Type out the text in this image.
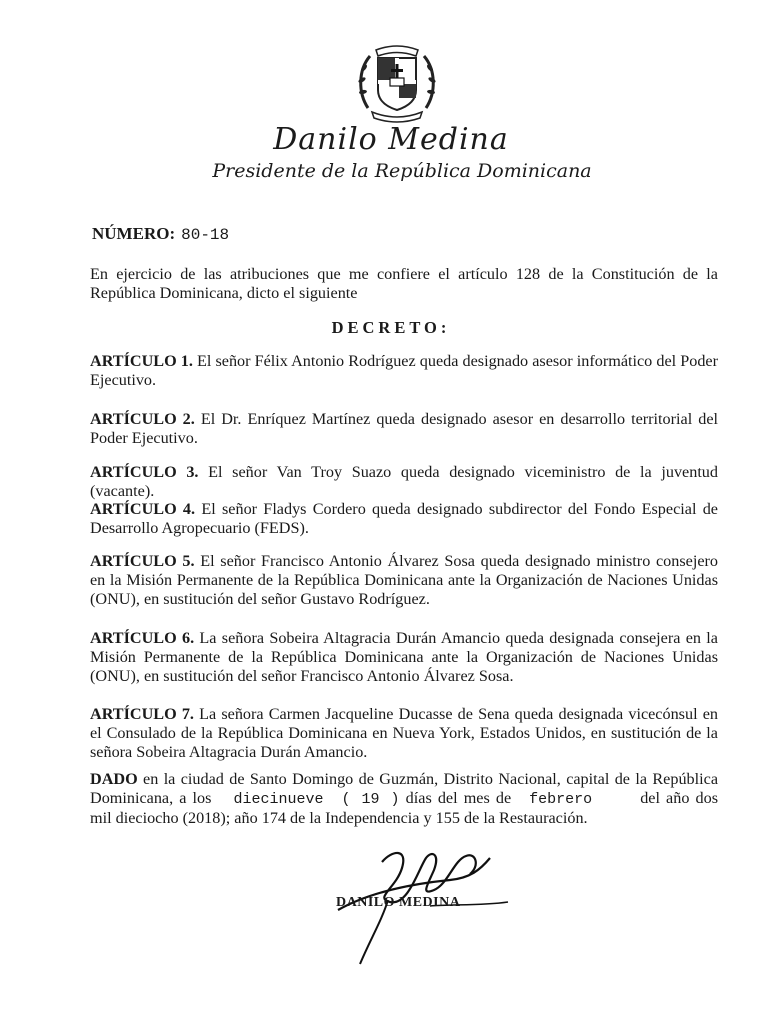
Danilo Medina
Presidente de la República Dominicana
NÚMERO: 80-18
En ejercicio de las atribuciones que me confiere el artículo 128 de la Constitución de la República Dominicana, dicto el siguiente
DECRETO:
ARTÍCULO 1. El señor Félix Antonio Rodríguez queda designado asesor informático del Poder Ejecutivo.
ARTÍCULO 2. El Dr. Enríquez Martínez queda designado asesor en desarrollo territorial del Poder Ejecutivo.
ARTÍCULO 3. El señor Van Troy Suazo queda designado viceministro de la juventud (vacante).
ARTÍCULO 4. El señor Fladys Cordero queda designado subdirector del Fondo Especial de Desarrollo Agropecuario (FEDS).
ARTÍCULO 5. El señor Francisco Antonio Álvarez Sosa queda designado ministro consejero en la Misión Permanente de la República Dominicana ante la Organización de Naciones Unidas (ONU), en sustitución del señor Gustavo Rodríguez.
ARTÍCULO 6. La señora Sobeira Altagracia Durán Amancio queda designada consejera en la Misión Permanente de la República Dominicana ante la Organización de Naciones Unidas (ONU), en sustitución del señor Francisco Antonio Álvarez Sosa.
ARTÍCULO 7. La señora Carmen Jacqueline Ducasse de Sena queda designada vicecónsul en el Consulado de la República Dominicana en Nueva York, Estados Unidos, en sustitución de la señora Sobeira Altagracia Durán Amancio.
DADO en la ciudad de Santo Domingo de Guzmán, Distrito Nacional, capital de la República Dominicana, a los diecinueve ( 19 ) días del mes de febrero	del año dos mil dieciocho (2018); año 174 de la Independencia y 155 de la Restauración.
DANILO MEDINA
